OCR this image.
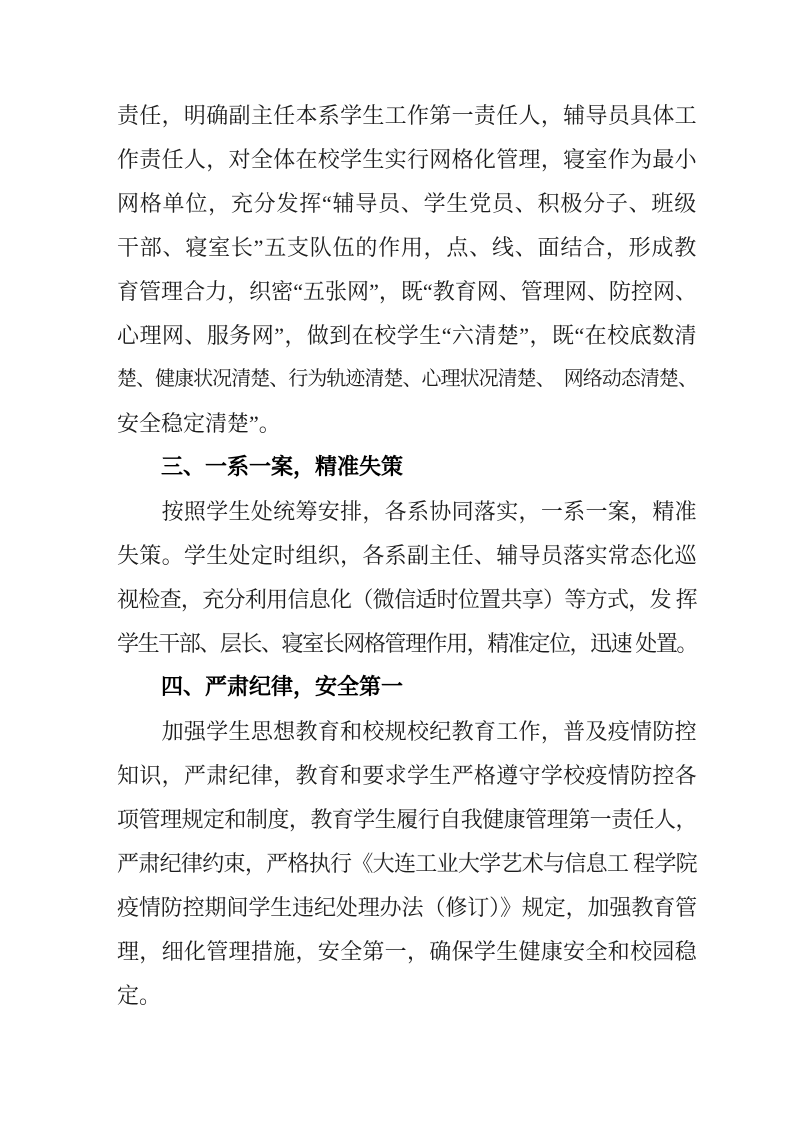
责任，明确副主任本系学生工作第一责任人，辅导员具体工
作责任人，对全体在校学生实行网格化管理，寝室作为最小
网格单位，充分发挥“辅导员、学生党员、积极分子、班级
干部、寝室长”五支队伍的作用，点、线、面结合，形成教
育管理合力，织密“五张网”，既“教育网、管理网、防控网、
心理网、服务网”，做到在校学生“六清楚”，既“在校底数清
楚、健康状况清楚、行为轨迹清楚、心理状况清楚、　网络动态清楚、
安全稳定清楚”。
　　三、一系一案，精准失策
　　按照学生处统筹安排，各系协同落实，一系一案，精准
失策。学生处定时组织，各系副主任、辅导员落实常态化巡
视检查，充分利用信息化（微信适时位置共享）等方式，发 挥
学生干部、层长、寝室长网格管理作用，精准定位，迅速 处置。
　　四、严肃纪律，安全第一
　　加强学生思想教育和校规校纪教育工作，普及疫情防控
知识，严肃纪律，教育和要求学生严格遵守学校疫情防控各
项管理规定和制度，教育学生履行自我健康管理第一责任人，
严肃纪律约束，严格执行《大连工业大学艺术与信息工 程学院
疫情防控期间学生违纪处理办法（修订）》规定，加强教育管
理，细化管理措施，安全第一，确保学生健康安全和校园稳
定。
